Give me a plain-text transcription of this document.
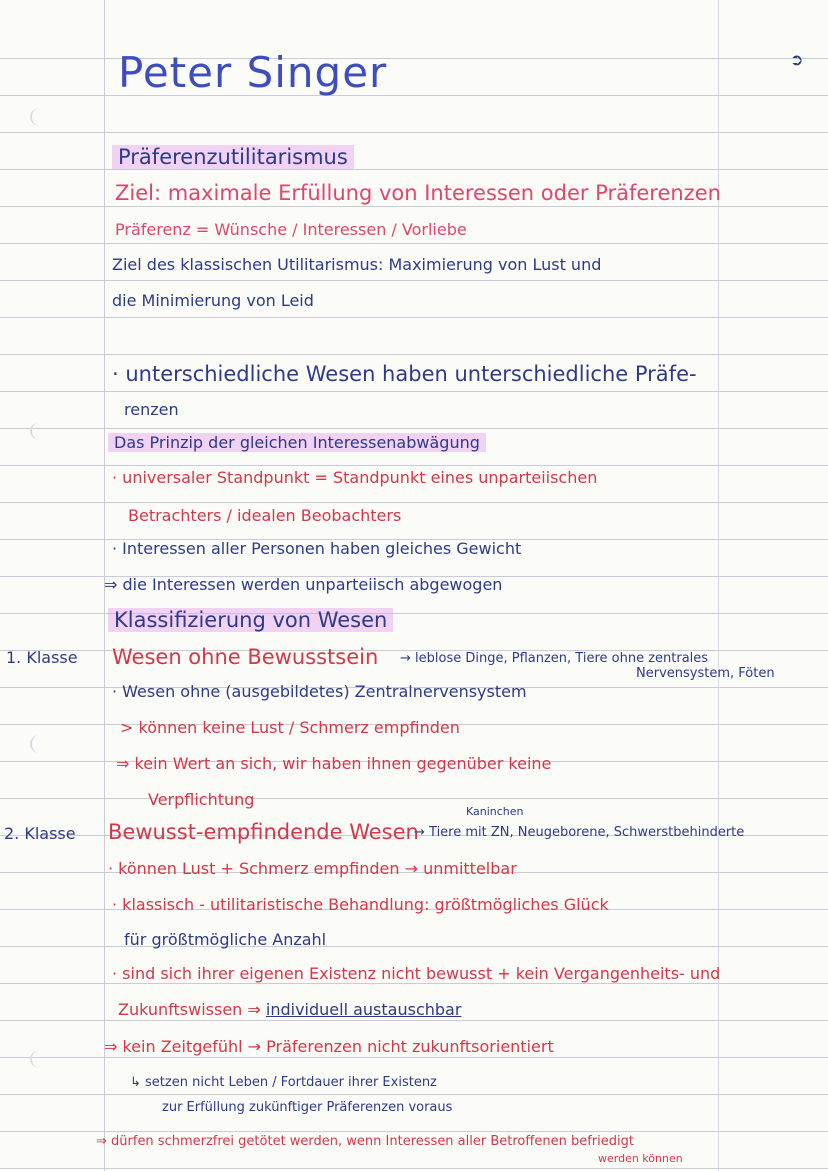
➲
Peter Singer
Präferenzutilitarismus
Ziel: maximale Erfüllung von Interessen oder Präferenzen
Präferenz = Wünsche / Interessen / Vorliebe
Ziel des klassischen Utilitarismus: Maximierung von Lust und
die Minimierung von Leid
· unterschiedliche Wesen haben unterschiedliche Präfe-
renzen
Das Prinzip der gleichen Interessenabwägung
· universaler Standpunkt = Standpunkt eines unparteiischen
Betrachters / idealen Beobachters
· Interessen aller Personen haben gleiches Gewicht
⇒ die Interessen werden unparteiisch abgewogen
Klassifizierung von Wesen
1. Klasse Wesen ohne Bewusstsein → leblose Dinge, Pflanzen, Tiere ohne zentrales
Nervensystem, Föten
· Wesen ohne (ausgebildetes) Zentralnervensystem
> können keine Lust / Schmerz empfinden
⇒ kein Wert an sich, wir haben ihnen gegenüber keine
Verpflichtung
Kaninchen
2. Klasse Bewusst-empfindende Wesen
→ Tiere mit ZN, Neugeborene, Schwerstbehinderte
· können Lust + Schmerz empfinden → unmittelbar
· klassisch - utilitaristische Behandlung: größtmögliches Glück
für größtmögliche Anzahl
· sind sich ihrer eigenen Existenz nicht bewusst + kein Vergangenheits- und
Zukunftswissen ⇒ individuell austauschbar
⇒ kein Zeitgefühl → Präferenzen nicht zukunftsorientiert
↳ setzen nicht Leben / Fortdauer ihrer Existenz
zur Erfüllung zukünftiger Präferenzen voraus
⇒ dürfen schmerzfrei getötet werden, wenn Interessen aller Betroffenen befriedigt
werden können
